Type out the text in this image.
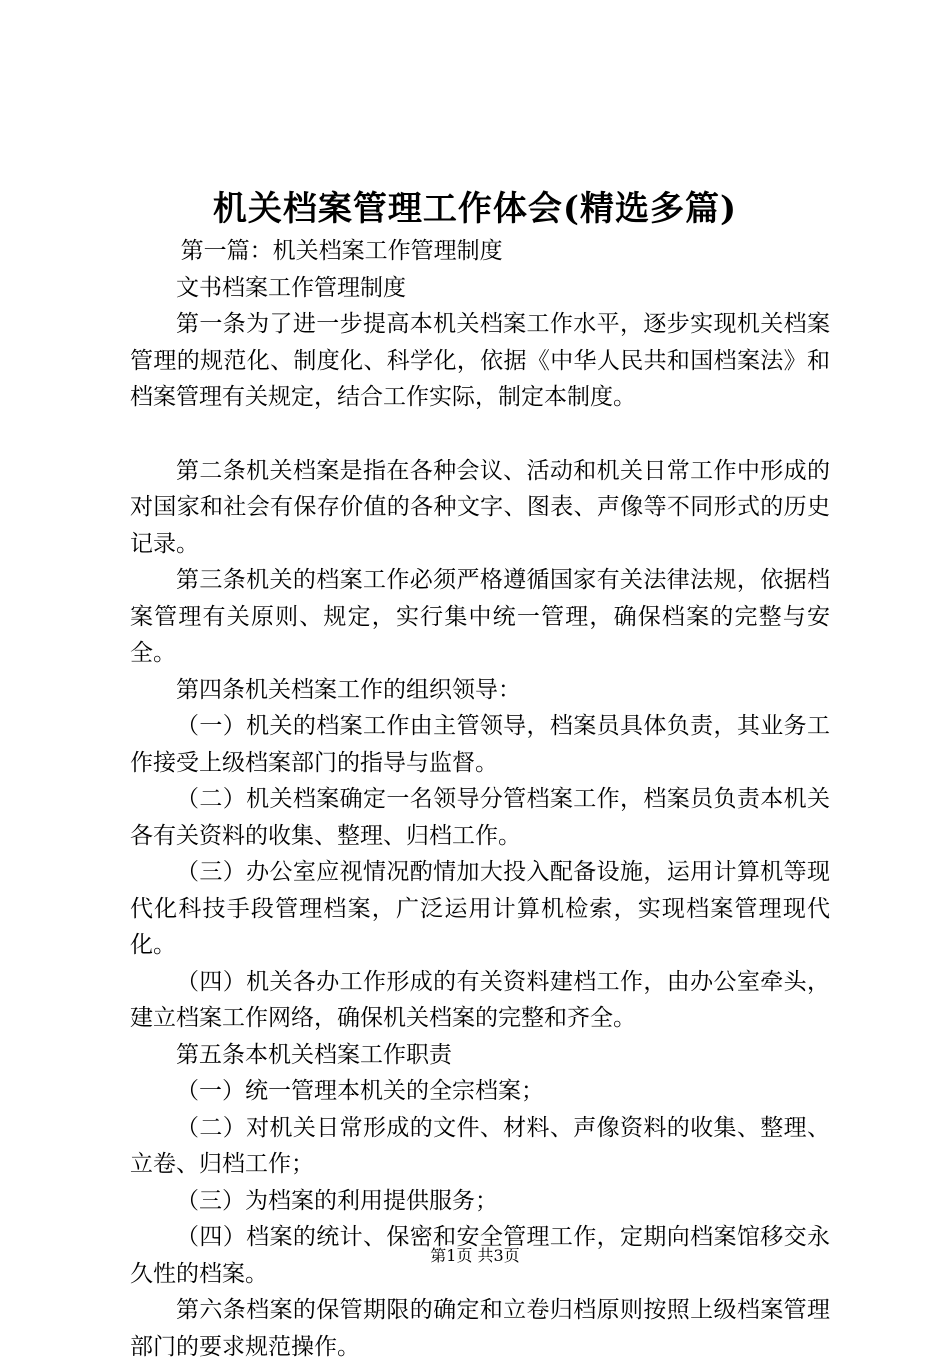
机关档案管理工作体会(精选多篇)

第一篇：机关档案工作管理制度

文书档案工作管理制度

第一条为了进一步提高本机关档案工作水平，逐步实现机关档案管理的规范化、制度化、科学化，依据《中华人民共和国档案法》和档案管理有关规定，结合工作实际，制定本制度。

第二条机关档案是指在各种会议、活动和机关日常工作中形成的对国家和社会有保存价值的各种文字、图表、声像等不同形式的历史记录。

第三条机关的档案工作必须严格遵循国家有关法律法规，依据档案管理有关原则、规定，实行集中统一管理，确保档案的完整与安全。

第四条机关档案工作的组织领导：

（一）机关的档案工作由主管领导，档案员具体负责，其业务工作接受上级档案部门的指导与监督。

（二）机关档案确定一名领导分管档案工作，档案员负责本机关各有关资料的收集、整理、归档工作。

（三）办公室应视情况酌情加大投入配备设施，运用计算机等现代化科技手段管理档案，广泛运用计算机检索，实现档案管理现代化。

（四）机关各办工作形成的有关资料建档工作，由办公室牵头，建立档案工作网络，确保机关档案的完整和齐全。

第五条本机关档案工作职责

（一）统一管理本机关的全宗档案；

（二）对机关日常形成的文件、材料、声像资料的收集、整理、立卷、归档工作；

（三）为档案的利用提供服务；

（四）档案的统计、保密和安全管理工作，定期向档案馆移交永久性的档案。

第六条档案的保管期限的确定和立卷归档原则按照上级档案管理部门的要求规范操作。

第1页 共3页
